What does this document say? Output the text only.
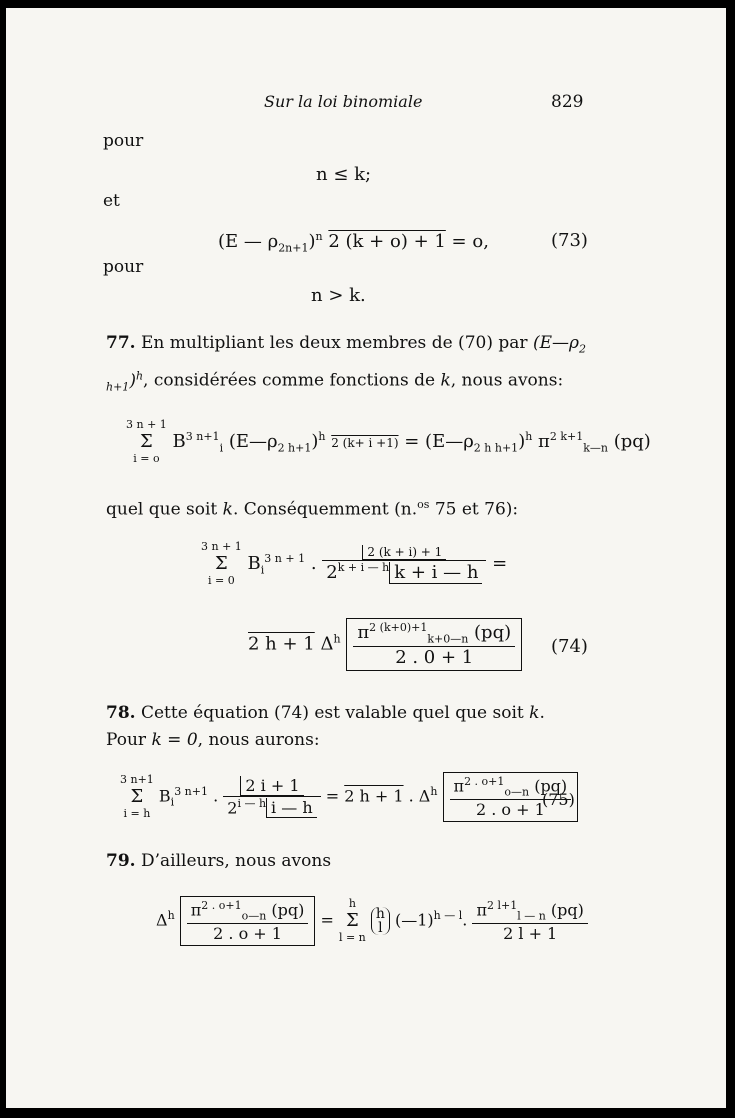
Sur la loi binomiale	829
pour
n ≤ k;
et
(E — $\rho_{2n+1})^n$ 2 (k + o) + 1 = o,	(73)
pour
n > k.
77. En multipliant les deux membres de (70) par $(E—\rho_{2 h+1})^h$, considérées comme fonctions de k, nous avons:
3 n + 1
Σ
i = o $B^{3 n+1}_i$ $(E—\rho_{2 h+1})^h$ 2 $(k+ i +1) = (E—\rho_{2 h h+1})^h$ $\pi^{2 k+1}_{k—n}$ (pq)
quel que soit k. Conséquemment (n.$^{os}$ 75 et 76):
3 n + 1
Σ
i = 0 $B_i^{3 n + 1}$ . $\frac{2 (k + i) + 1}{2^{k + i — h} k + i — h}$ =
2 h + 1 $\Delta^h \frac{\pi^{2 (k+0)+1}_{k+0—n} (pq)}{2 . 0 + 1} (74)$
78. Cette équation (74) est valable quel que soit k.
Pour k = 0, nous aurons:
3 n+1
Σ
i = h $B_i^{3 n+1}$ . $\frac{2 i + 1}{2^{i — h} i — h} = 2$ h + 1 . $\Delta^h \frac{\pi^{2 . o+1}_{o—n} (pq)}{2 . o + 1}$
(75)
79. D’ailleurs, nous avons
$\Delta^h \frac{\pi^{2 . o+1}_{o—n} (pq)}{2 . o + 1} = h$
Σ
l = n
h
l (—1)$^{h — l}$. $\frac{\pi^{2 l+1}_{l — n} (pq)}{2 l + 1}$
